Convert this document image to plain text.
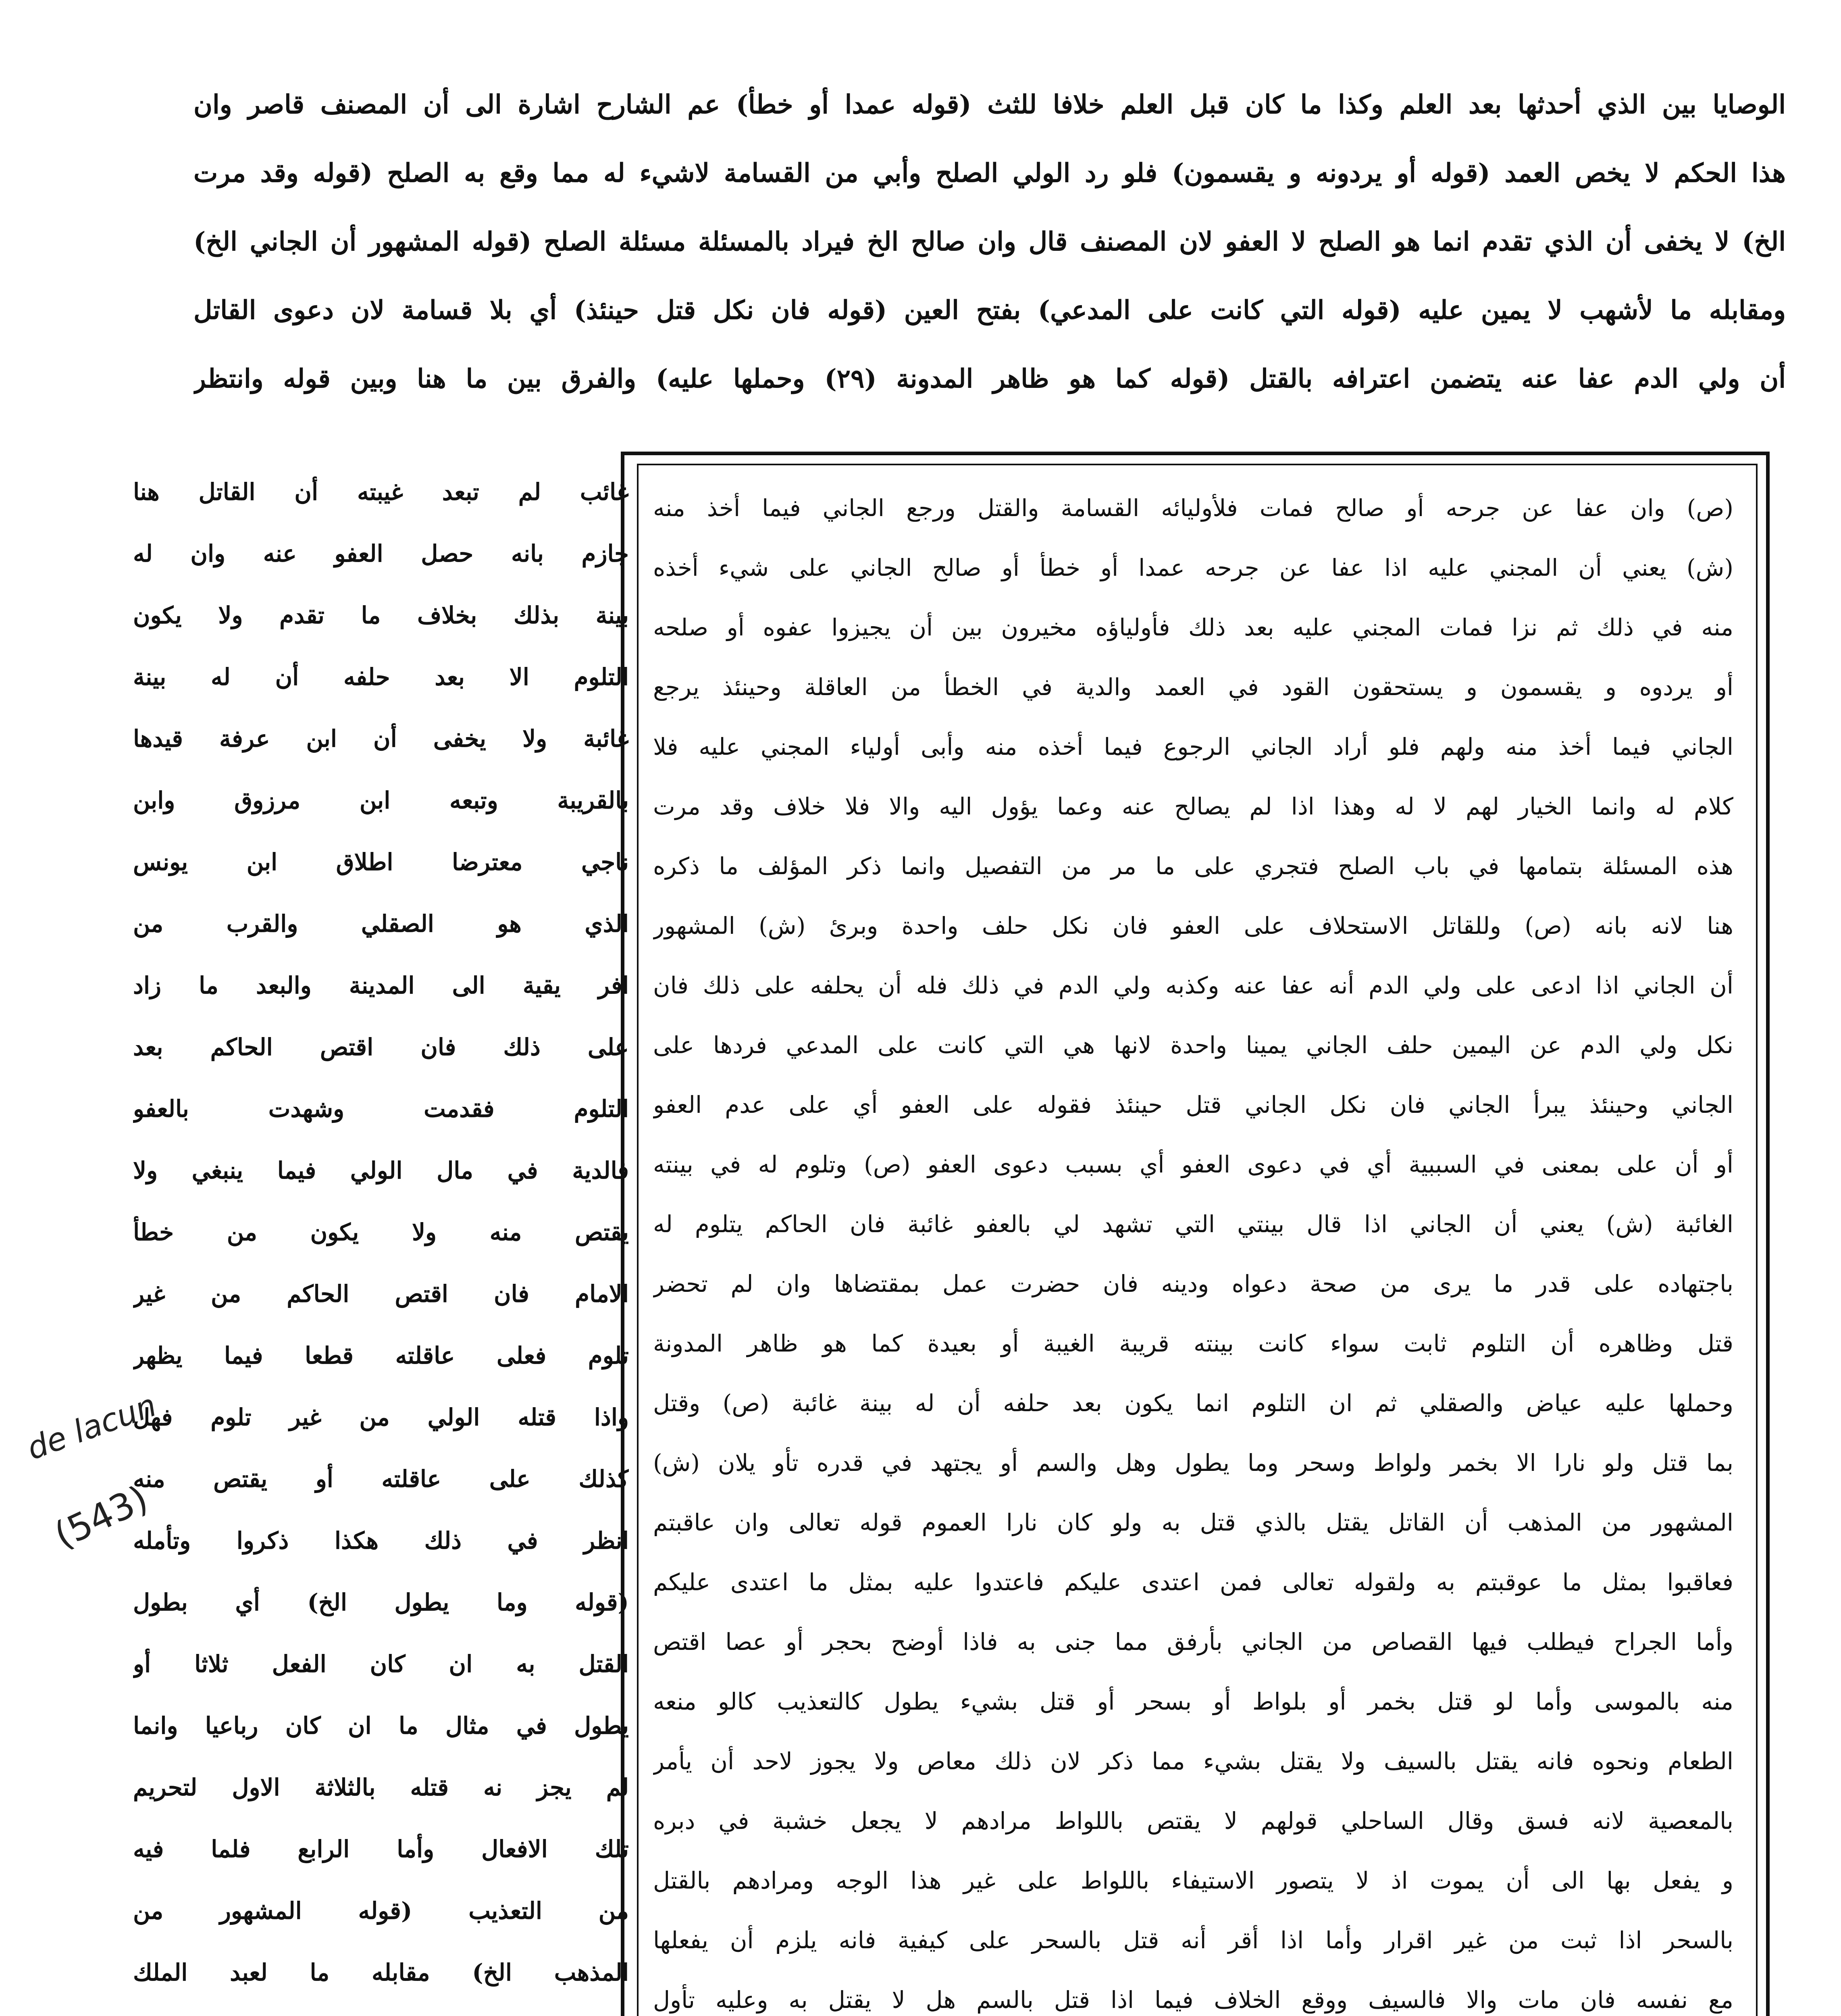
الوصايا بين الذي أحدثها بعد العلم وكذا ما كان قبل العلم خلافا للثث (قوله عمدا أو خطأ) عم الشارح اشارة الى أن المصنف قاصر وان
هذا الحكم لا يخص العمد (قوله أو يردونه و يقسمون) فلو رد الولي الصلح وأبي من القسامة لاشيء له مما وقع به الصلح (قوله وقد مرت
الخ) لا يخفى أن الذي تقدم انما هو الصلح لا العفو لان المصنف قال وان صالح الخ فيراد بالمسئلة مسئلة الصلح (قوله المشهور أن الجاني الخ)
ومقابله ما لأشهب لا يمين عليه (قوله التي كانت على المدعي) بفتح العين (قوله فان نكل قتل حينئذ) أي بلا قسامة لان دعوى القاتل
أن ولي الدم عفا عنه يتضمن اعترافه بالقتل (قوله كما هو ظاهر المدونة (٢٩) وحملها عليه) والفرق بين ما هنا وبين قوله وانتظر
(ص) وان عفا عن جرحه أو صالح فمات فلأوليائه القسامة والقتل ورجع الجاني فيما أخذ منه
(ش) يعني أن المجني عليه اذا عفا عن جرحه عمدا أو خطأ أو صالح الجاني على شيء أخذه
منه في ذلك ثم نزا فمات المجني عليه بعد ذلك فأولياؤه مخيرون بين أن يجيزوا عفوه أو صلحه
أو يردوه و يقسمون و يستحقون القود في العمد والدية في الخطأ من العاقلة وحينئذ يرجع
الجاني فيما أخذ منه ولهم فلو أراد الجاني الرجوع فيما أخذه منه وأبى أولياء المجني عليه فلا
كلام له وانما الخيار لهم لا له وهذا اذا لم يصالح عنه وعما يؤول اليه والا فلا خلاف وقد مرت
هذه المسئلة بتمامها في باب الصلح فتجري على ما مر من التفصيل وانما ذكر المؤلف ما ذكره
هنا لانه بانه (ص) وللقاتل الاستحلاف على العفو فان نكل حلف واحدة وبرئ (ش) المشهور
أن الجاني اذا ادعى على ولي الدم أنه عفا عنه وكذبه ولي الدم في ذلك فله أن يحلفه على ذلك فان
نكل ولي الدم عن اليمين حلف الجاني يمينا واحدة لانها هي التي كانت على المدعي فردها على
الجاني وحينئذ يبرأ الجاني فان نكل الجاني قتل حينئذ فقوله على العفو أي على عدم العفو
أو أن على بمعنى في السببية أي في دعوى العفو أي بسبب دعوى العفو (ص) وتلوم له في بينته
الغائبة (ش) يعني أن الجاني اذا قال بينتي التي تشهد لي بالعفو غائبة فان الحاكم يتلوم له
باجتهاده على قدر ما يرى من صحة دعواه ودينه فان حضرت عمل بمقتضاها وان لم تحضر
قتل وظاهره أن التلوم ثابت سواء كانت بينته قريبة الغيبة أو بعيدة كما هو ظاهر المدونة
وحملها عليه عياض والصقلي ثم ان التلوم انما يكون بعد حلفه أن له بينة غائبة (ص) وقتل
بما قتل ولو نارا الا بخمر ولواط وسحر وما يطول وهل والسم أو يجتهد في قدره تأو يلان (ش)
المشهور من المذهب أن القاتل يقتل بالذي قتل به ولو كان نارا العموم قوله تعالى وان عاقبتم
فعاقبوا بمثل ما عوقبتم به ولقوله تعالى فمن اعتدى عليكم فاعتدوا عليه بمثل ما اعتدى عليكم
وأما الجراح فيطلب فيها القصاص من الجاني بأرفق مما جنى به فاذا أوضح بحجر أو عصا اقتص
منه بالموسى وأما لو قتل بخمر أو بلواط أو بسحر أو قتل بشيء يطول كالتعذيب كالو منعه
الطعام ونحوه فانه يقتل بالسيف ولا يقتل بشيء مما ذكر لان ذلك معاص ولا يجوز لاحد أن يأمر
بالمعصية لانه فسق وقال الساحلي قولهم لا يقتص باللواط مرادهم لا يجعل خشبة في دبره
و يفعل بها الى أن يموت اذ لا يتصور الاستيفاء باللواط على غير هذا الوجه ومرادهم بالقتل
بالسحر اذا ثبت من غير اقرار وأما اذا أقر أنه قتل بالسحر على كيفية فانه يلزم أن يفعلها
مع نفسه فان مات والا فالسيف ووقع الخلاف فيما اذا قتل بالسم هل لا يقتل به وعليه تأول
غائب لم تبعد غيبته أن القاتل هنا
جازم بانه حصل العفو عنه وان له
بينة بذلك بخلاف ما تقدم ولا يكون
التلوم الا بعد حلفه أن له بينة
غائبة ولا يخفى أن ابن عرفة قيدها
بالقريبة وتبعه ابن مرزوق وابن
ناجي معترضا اطلاق ابن يونس
الذي هو الصقلي والقرب من
افر يقية الى المدينة والبعد ما زاد
على ذلك فان اقتص الحاكم بعد
التلوم فقدمت وشهدت بالعفو
فالدية في مال الولي فيما ينبغي ولا
يقتص منه ولا يكون من خطأ
الامام فان اقتص الحاكم من غير
تلوم فعلى عاقلته قطعا فيما يظهر
واذا قتله الولي من غير تلوم فهل
كذلك على عاقلته أو يقتص منه
انظر في ذلك هكذا ذكروا وتأمله
(قوله وما يطول الخ) أي بطول
القتل به ان كان الفعل ثلاثا أو
يطول في مثال ما ان كان رباعيا وانما
لم يجز نه قتله بالثلاثة الاول لتحريم
تلك الافعال وأما الرابع فلما فيه
من التعذيب (قوله المشهور من
المذهب الخ) مقابله ما لعبد الملك
de lacun
(543)
